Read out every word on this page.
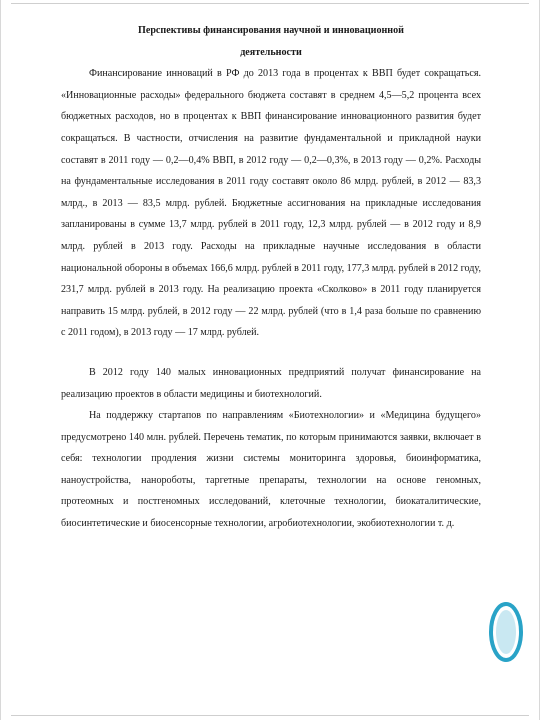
Перспективы финансирования научной и инновационной деятельности

Финансирование инноваций в РФ до 2013 года в процентах к ВВП будет сокращаться. «Инновационные расходы» федерального бюджета составят в среднем 4,5—5,2 процента всех бюджетных расходов, но в процентах к ВВП финансирование инновационного развития будет сокращаться. В частности, отчисления на развитие фундаментальной и прикладной науки составят в 2011 году — 0,2—0,4% ВВП, в 2012 году — 0,2—0,3%, в 2013 году — 0,2%. Расходы на фундаментальные исследования в 2011 году составят около 86 млрд. рублей, в 2012 — 83,3 млрд., в 2013 — 83,5 млрд. рублей. Бюджетные ассигнования на прикладные исследования запланированы в сумме 13,7 млрд. рублей в 2011 году, 12,3 млрд. рублей — в 2012 году и 8,9 млрд. рублей в 2013 году. Расходы на прикладные научные исследования в области национальной обороны в объемах 166,6 млрд. рублей в 2011 году, 177,3 млрд. рублей в 2012 году, 231,7 млрд. рублей в 2013 году. На реализацию проекта «Сколково» в 2011 году планируется направить 15 млрд. рублей, в 2012 году — 22 млрд. рублей (что в 1,4 раза больше по сравнению с 2011 годом), в 2013 году — 17 млрд. рублей.

В 2012 году 140 малых инновационных предприятий получат финансирование на реализацию проектов в области медицины и биотехнологий.

На поддержку стартапов по направлениям «Биотехнологии» и «Медицина будущего» предусмотрено 140 млн. рублей. Перечень тематик, по которым принимаются заявки, включает в себя: технологии продления жизни системы мониторинга здоровья, биоинформатика, наноустройства, нанороботы, таргетные препараты, технологии на основе геномных, протеомных и постгеномных исследований, клеточные технологии, биокаталитические, биосинтетические и биосенсорные технологии, агробиотехнологии, экобиотехнологии т. д.
